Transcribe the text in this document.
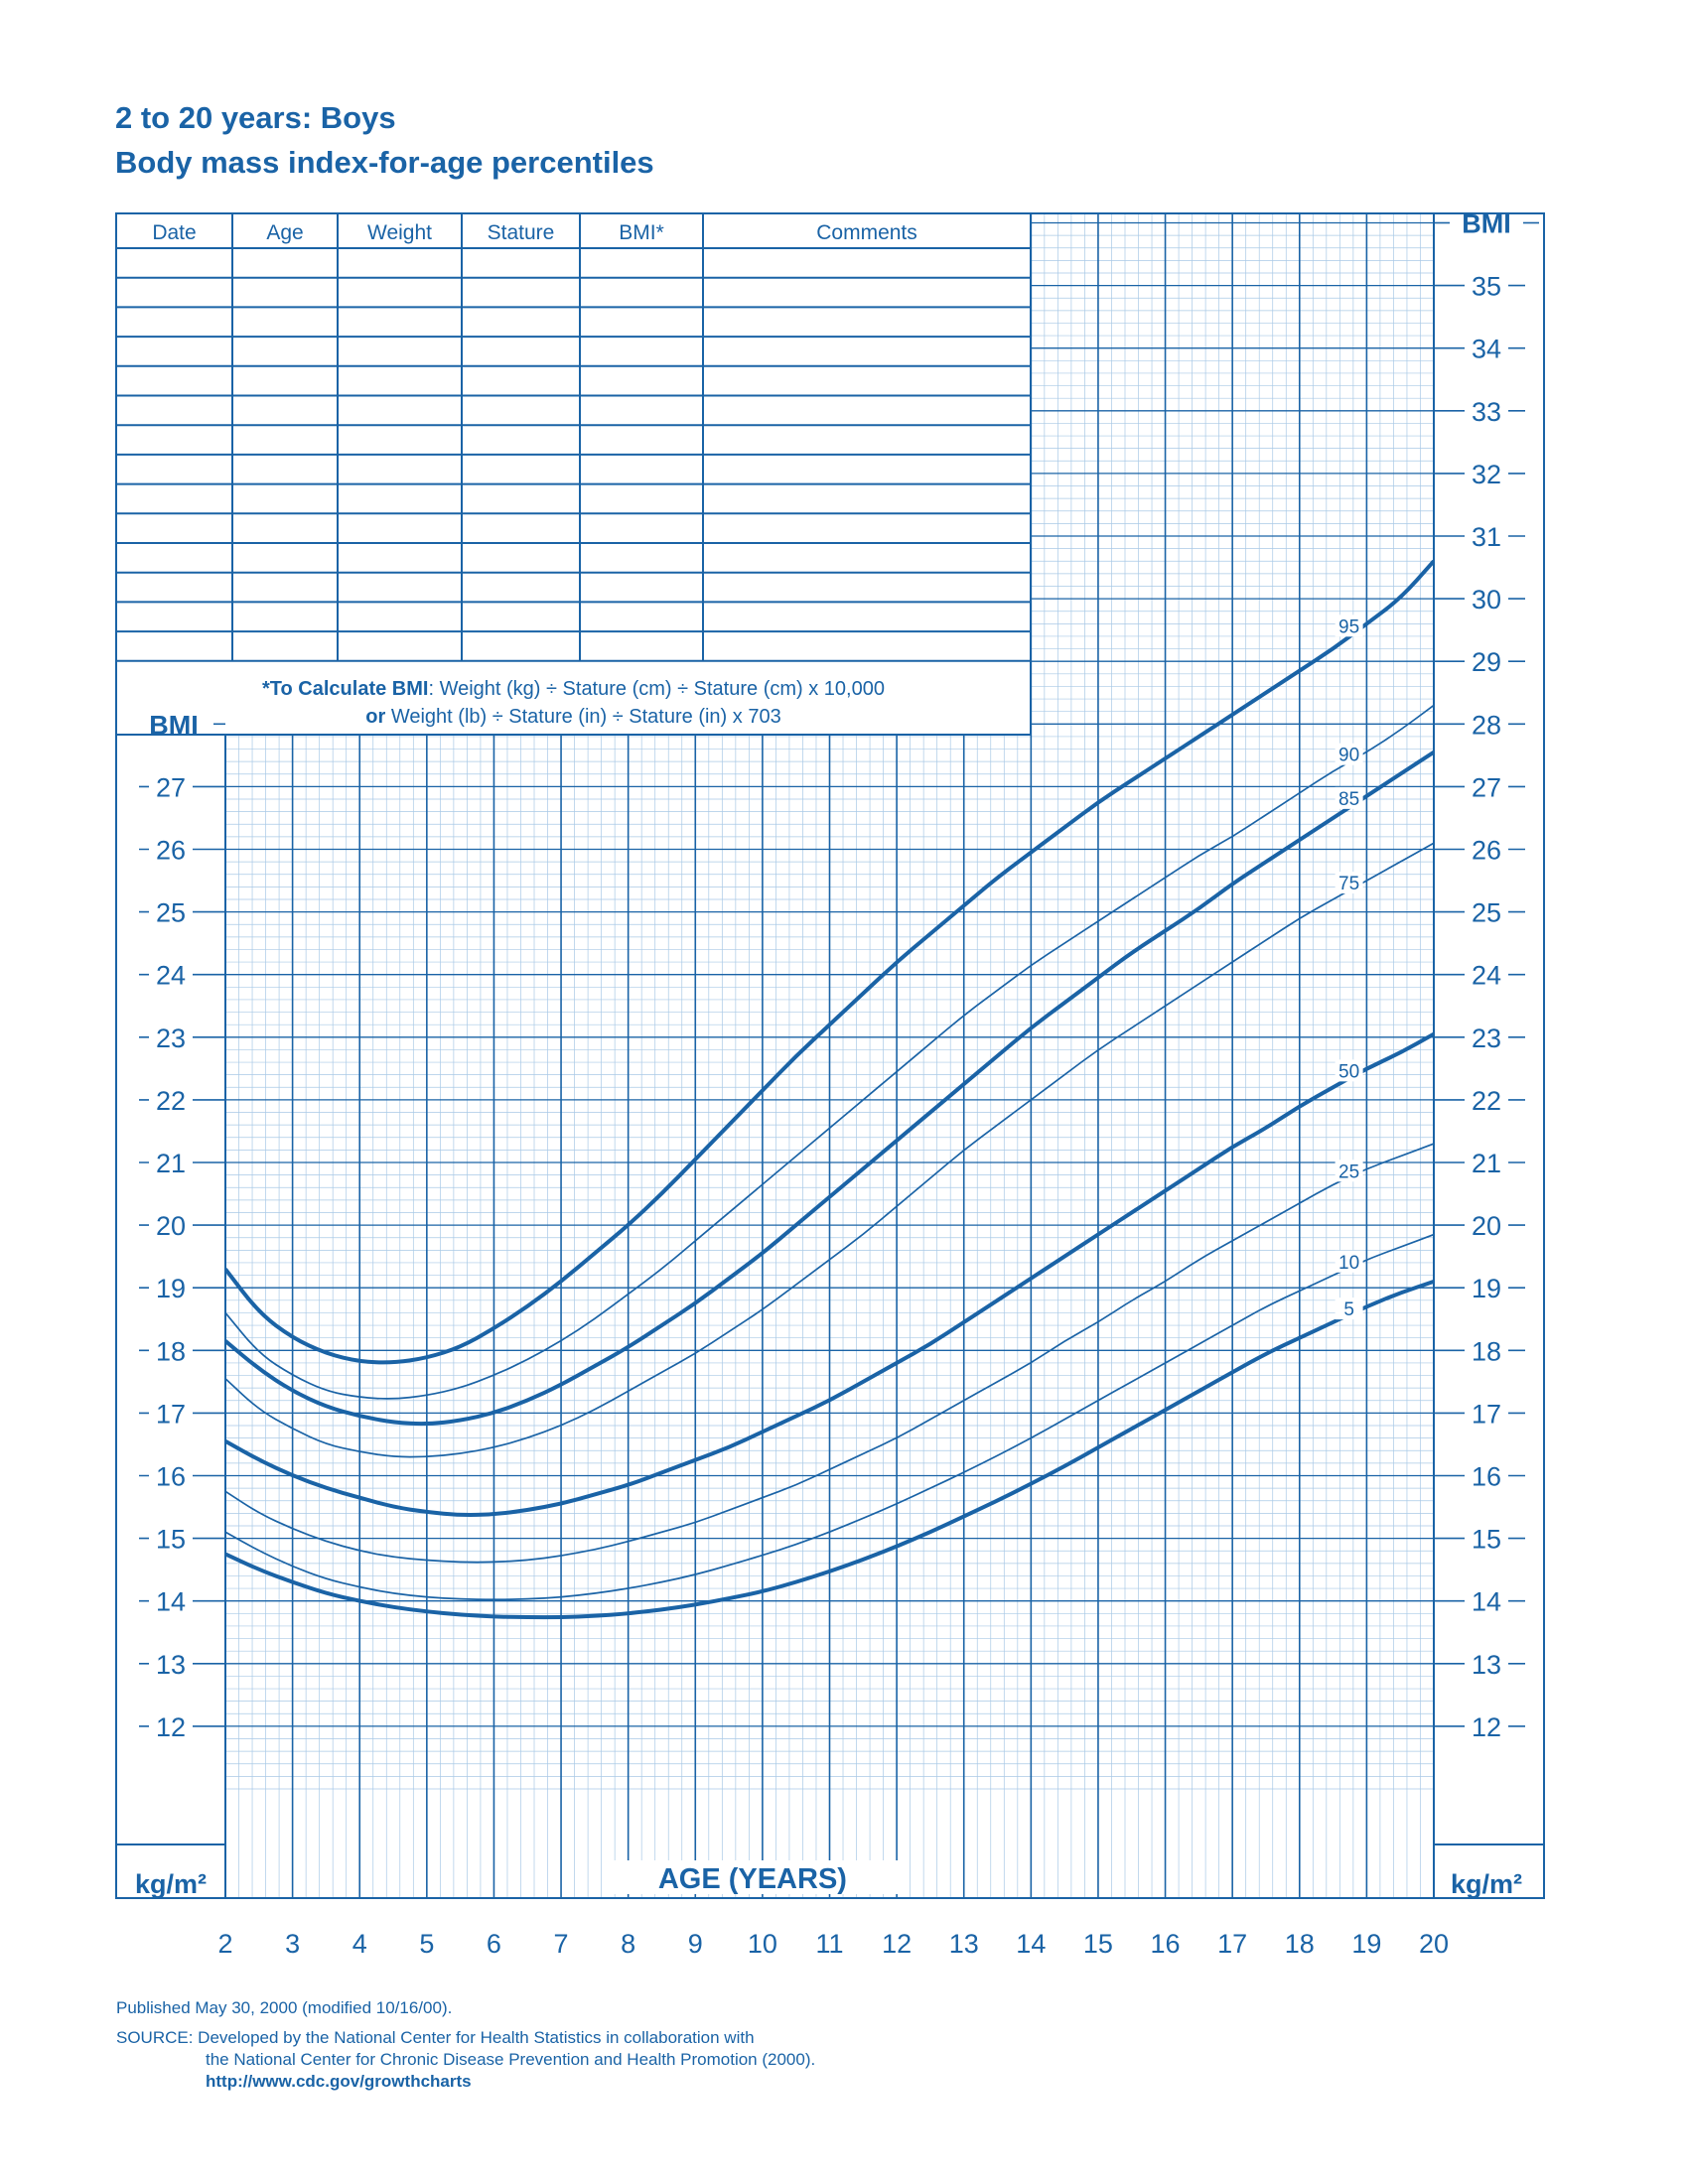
2 to 20 years: Boys
Body mass index-for-age percentiles
Date	Age	Weight	Stature	BMI*	Comments
*To Calculate BMI: Weight (kg) ÷ Stature (cm) ÷ Stature (cm) x 10,000
or Weight (lb) ÷ Stature (in) ÷ Stature (in) x 703
95
90
85
75
50
25
10
5
12
13
14
15
16
17
18
19
20
21
22
23
24
25
26
27
BMI
12
13
14
15
16
17
18
19
20
21
22
23
24
25
26
27
28
29
30
31
32
33
34
35
BMI
kg/m²	kg/m²
AGE (YEARS)
2 3 4 5 6 7 8 9 10 11 12 13 14 15 16 17 18 19 20
Published May 30, 2000 (modified 10/16/00).
SOURCE: Developed by the National Center for Health Statistics in collaboration with
the National Center for Chronic Disease Prevention and Health Promotion (2000).
http://www.cdc.gov/growthcharts
